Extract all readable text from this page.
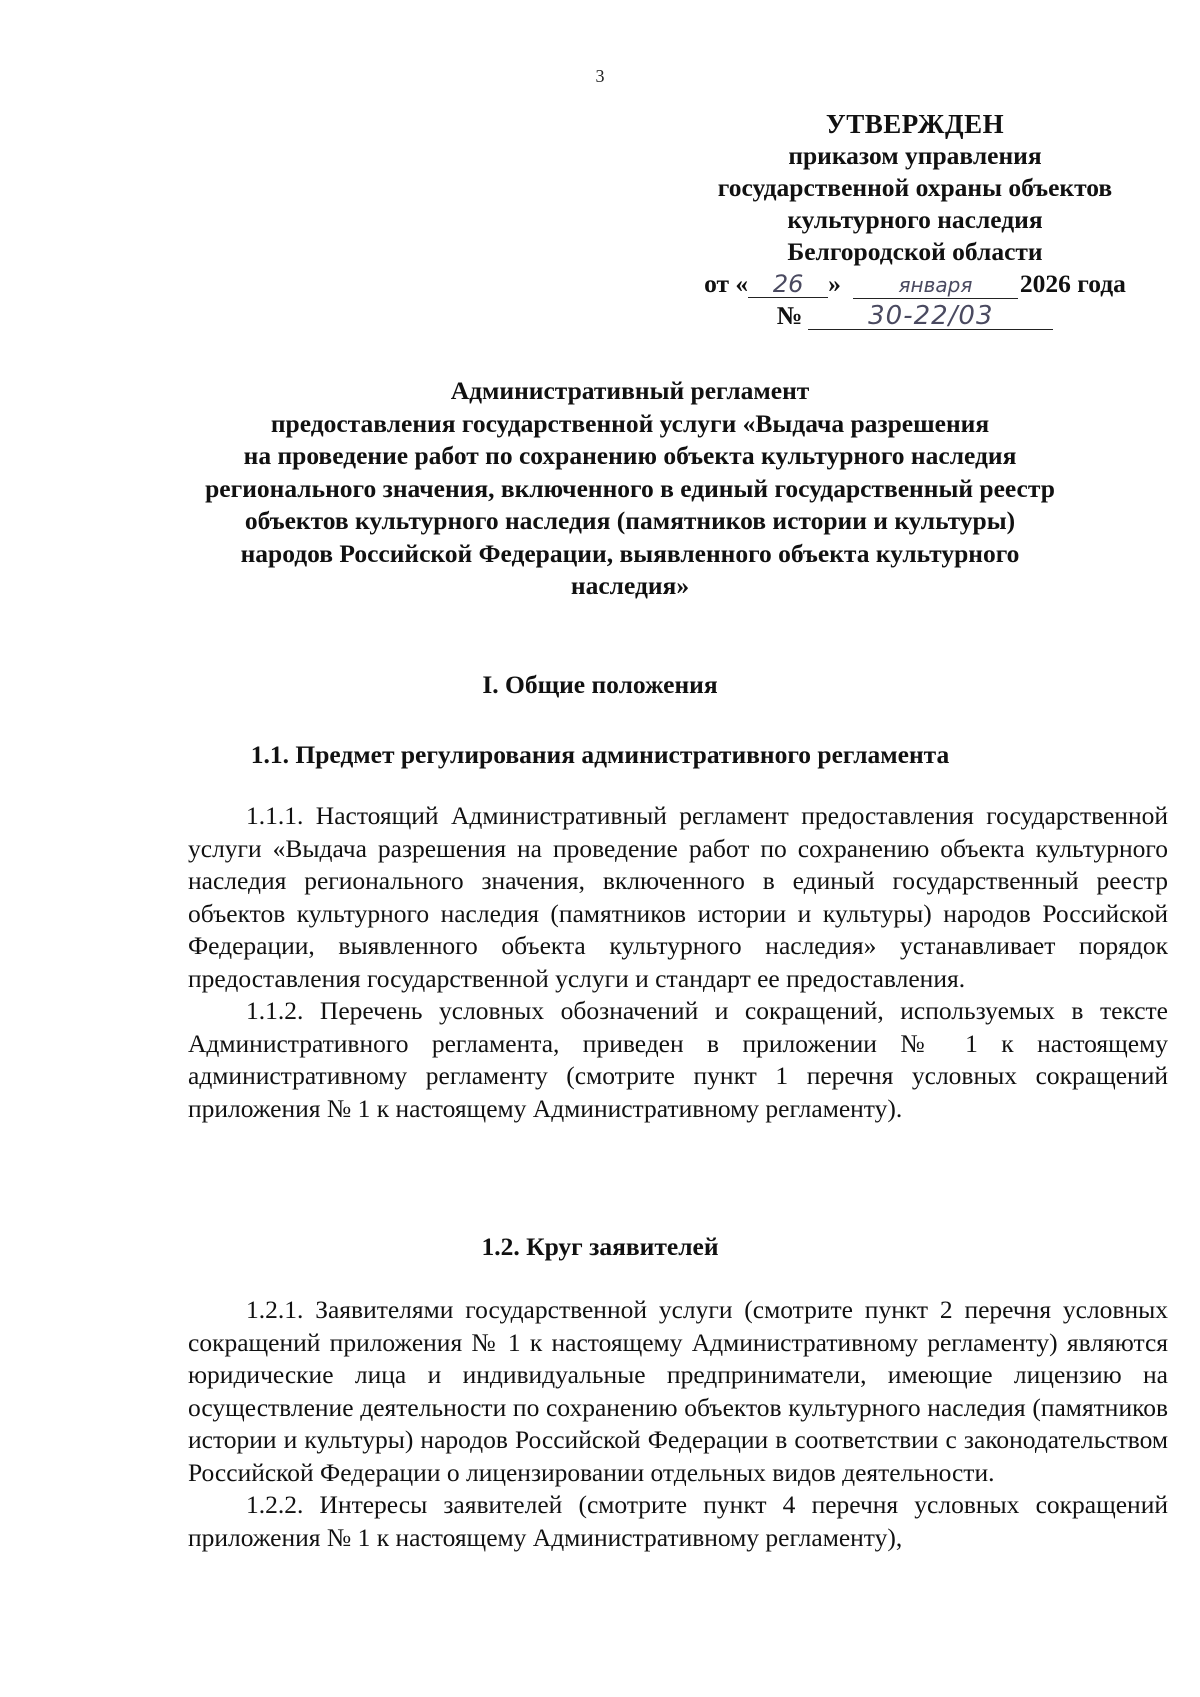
3
УТВЕРЖДЕН
приказом управления
государственной охраны объектов
культурного наследия
Белгородской области
от «	26 »	января	2026 года
№	30-22/03

Административный регламент

предоставления государственной услуги «Выдача разрешения

на проведение работ по сохранению объекта культурного наследия

регионального значения, включенного в единый государственный реестр

объектов культурного наследия (памятников истории и культуры)

народов Российской Федерации, выявленного объекта культурного

наследия»

I. Общие положения
1.1. Предмет регулирования административного регламента

1.1.1. Настоящий Административный регламент предоставления государственной услуги «Выдача разрешения на проведение работ по сохранению объекта культурного наследия регионального значения, включенного в единый государственный реестр объектов культурного наследия (памятников истории и культуры) народов Российской Федерации, выявленного объекта культурного наследия» устанавливает порядок предоставления государственной услуги и стандарт ее предоставления.

1.1.2. Перечень условных обозначений и сокращений, используемых в тексте Административного регламента, приведен в приложении № 1 к настоящему административному регламенту (смотрите пункт 1 перечня условных сокращений приложения № 1 к настоящему Административному регламенту).

1.2. Круг заявителей

1.2.1. Заявителями государственной услуги (смотрите пункт 2 перечня условных сокращений приложения № 1 к настоящему Административному регламенту) являются юридические лица и индивидуальные предприниматели, имеющие лицензию на осуществление деятельности по сохранению объектов культурного наследия (памятников истории и культуры) народов Российской Федерации в соответствии с законодательством Российской Федерации о лицензировании отдельных видов деятельности.

1.2.2. Интересы заявителей (смотрите пункт 4 перечня условных сокращений приложения № 1 к настоящему Административному регламенту),
